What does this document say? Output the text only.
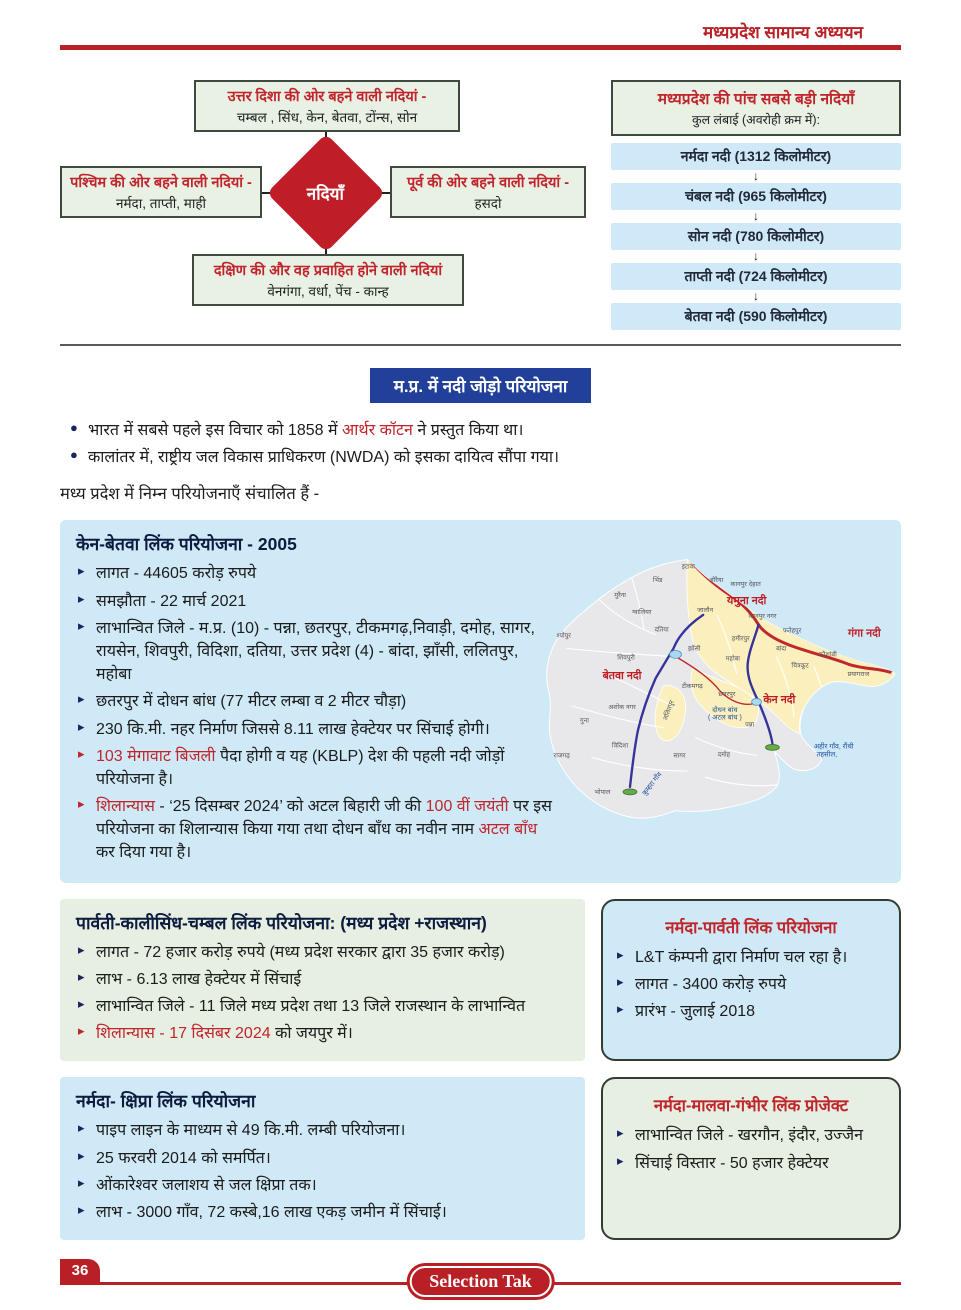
मध्यप्रदेश सामान्य अध्ययन
उत्तर दिशा की ओर बहने वाली नदियां -
चम्बल , सिंध, केन, बेतवा, टोंन्स, सोन
पश्चिम की ओर बहने वाली नदियां -
नर्मदा, ताप्ती, माही
पूर्व की ओर बहने वाली नदियां -
हसदो
दक्षिण की और वह प्रवाहित होने वाली नदियां
वेनगंगा, वर्धा, पेंच - कान्ह
नदियाँ
मध्यप्रदेश की पांच सबसे बड़ी नदियाँ
कुल लंबाई (अवरोही क्रम में):
नर्मदा नदी (1312 किलोमीटर)
↓
चंबल नदी (965 किलोमीटर)
↓
सोन नदी (780 किलोमीटर)
↓
ताप्ती नदी (724 किलोमीटर)
↓
बेतवा नदी (590 किलोमीटर)
म.प्र. में नदी जोड़ो परियोजना
● भारत में सबसे पहले इस विचार को 1858 में आर्थर कॉटन ने प्रस्तुत किया था।
● कालांतर में, राष्ट्रीय जल विकास प्राधिकरण (NWDA) को इसका दायित्व सौंपा गया।
मध्य प्रदेश में निम्न परियोजनाएँ संचालित हैं -
केन-बेतवा लिंक परियोजना - 2005
▸ लागत - 44605 करोड़ रुपये
▸ समझौता - 22 मार्च 2021
▸ लाभान्वित जिले - म.प्र. (10) - पन्ना, छतरपुर, टीकमगढ़,निवाड़ी, दमोह, सागर, रायसेन, शिवपुरी, विदिशा, दतिया, उत्तर प्रदेश (4) - बांदा, झाँसी, ललितपुर, महोबा
▸ छतरपुर में दोधन बांध (77 मीटर लम्बा व 2 मीटर चौड़ा)
▸ 230 कि.मी. नहर निर्माण जिससे 8.11 लाख हेक्टेयर पर सिंचाई होगी।
▸ 103 मेगावाट बिजली पैदा होगी व यह (KBLP) देश की पहली नदी जोड़ों परियोजना है।
▸ शिलान्यास - ‘25 दिसम्बर 2024’ को अटल बिहारी जी की 100 वीं जयंती पर इस परियोजना का शिलान्यास किया गया तथा दोधन बाँध का नवीन नाम अटल बाँध कर दिया गया है।
इटावा
औरैया
कानपुर देहात
जालौन
कानपुर नगर
फतेहपुर
हमीरपुर
कौशांबी
प्रयागराज
चित्रकूट
बांदा
महोबा
झाँसी
भिंड
मुरैना
ग्वालियर
दतिया
श्योपुर
शिवपुरी
टीकमगढ़
छतरपुर
पन्ना
ललितपुर
अशोक नगर
गुना
विदिशा
राजगढ़	सागर	दमोह
भोपाल
दोधन बांध
( अटल बांध )
अहीर गाँव, रौंथी
तहसील,
कुम्हरा गाँव
यमुना नदी
गंगा नदी
बेतवा नदी
केन नदी
पार्वती-कालीसिंध-चम्बल लिंक परियोजना: (मध्य प्रदेश +राजस्थान)
▸ लागत - 72 हजार करोड़ रुपये (मध्य प्रदेश सरकार द्वारा 35 हजार करोड़)
▸ लाभ - 6.13 लाख हेक्टेयर में सिंचाई
▸ लाभान्वित जिले - 11 जिले मध्य प्रदेश तथा 13 जिले राजस्थान के लाभान्वित
▸ शिलान्यास - 17 दिसंबर 2024 को जयपुर में।
नर्मदा-पार्वती लिंक परियोजना
▸ L&T कंम्पनी द्वारा निर्माण चल रहा है।
▸ लागत - 3400 करोड़ रुपये
▸ प्रारंभ - जुलाई 2018
नर्मदा- क्षिप्रा लिंक परियोजना
▸ पाइप लाइन के माध्यम से 49 कि.मी. लम्बी परियोजना।
▸ 25 फरवरी 2014 को समर्पित।
▸ ओंकारेश्वर जलाशय से जल क्षिप्रा तक।
▸ लाभ - 3000 गाँव, 72 कस्बे,16 लाख एकड़ जमीन में सिंचाई।
नर्मदा-मालवा-गंभीर लिंक प्रोजेक्ट
▸ लाभान्वित जिले - खरगौन, इंदौर, उज्जैन
▸ सिंचाई विस्तार - 50 हजार हेक्टेयर
36
Selection Tak
